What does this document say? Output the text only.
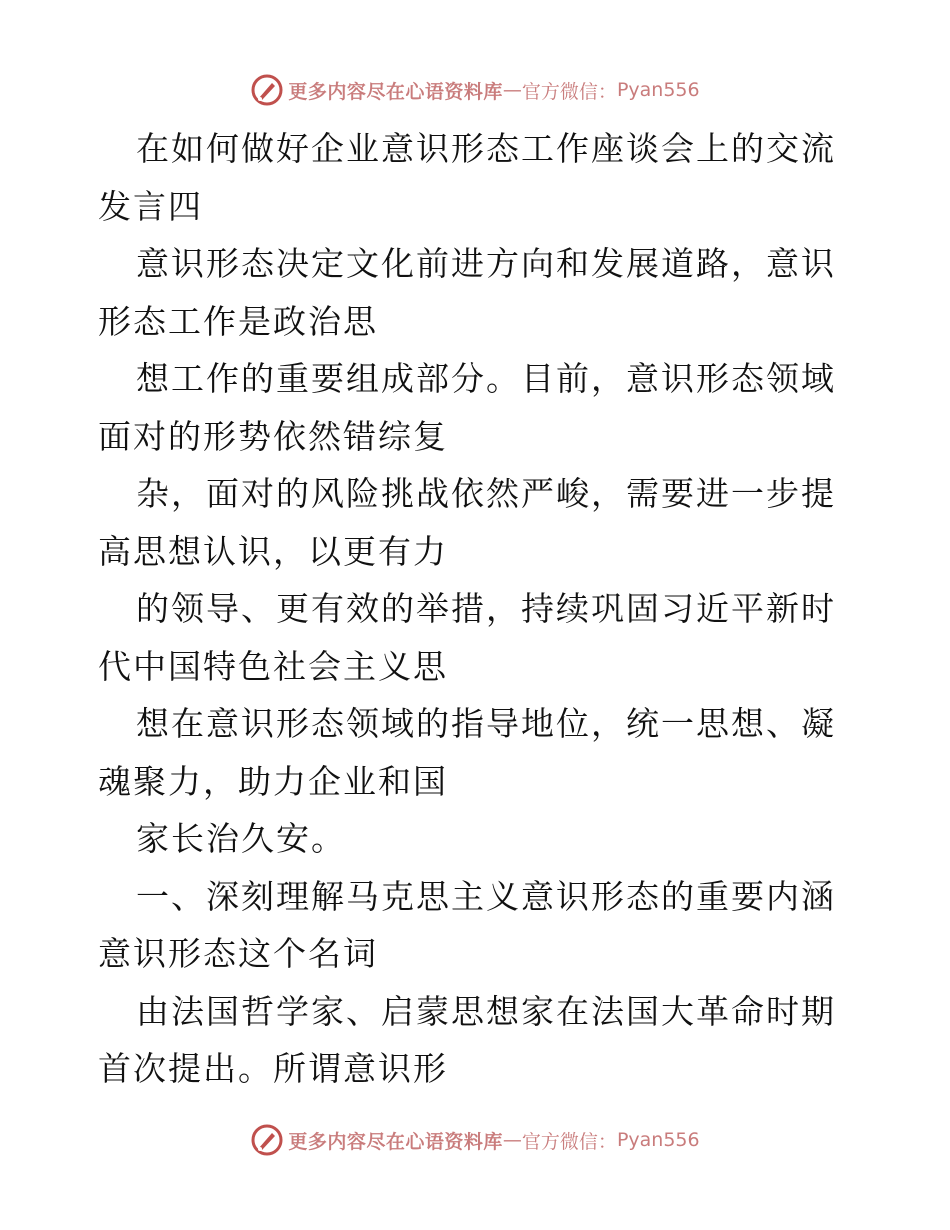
更多内容尽在心语资料库 — 官方微信： Pyan556

在如何做好企业意识形态工作座谈会上的交流发言四

意识形态决定文化前进方向和发展道路，意识形态工作是政治思

想工作的重要组成部分。目前，意识形态领域面对的形势依然错综复

杂，面对的风险挑战依然严峻，需要进一步提高思想认识，以更有力

的领导、更有效的举措，持续巩固习近平新时代中国特色社会主义思

想在意识形态领域的指导地位，统一思想、凝魂聚力，助力企业和国

家长治久安。

一、深刻理解马克思主义意识形态的重要内涵意识形态这个名词

由法国哲学家、启蒙思想家在法国大革命时期首次提出。所谓意识形

更多内容尽在心语资料库 — 官方微信： Pyan556
